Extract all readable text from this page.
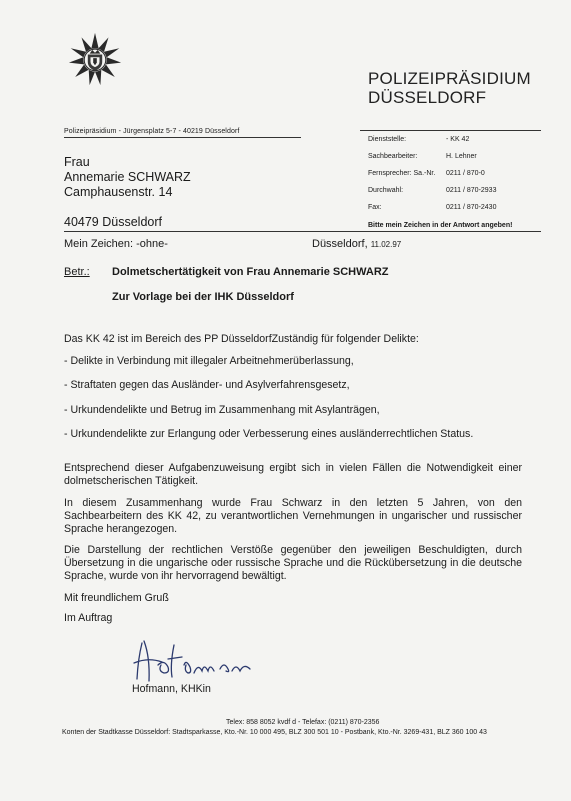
POLIZEIPRÄSIDIUM
DÜSSELDORF
Polizeipräsidium - Jürgensplatz 5-7 - 40219 Düsseldorf
Dienststelle:	- KK 42
Sachbearbeiter:	H. Lehner
Fernsprecher: Sa.-Nr. 0211 / 870-0
Durchwahl:	0211 / 870-2933
Fax:	0211 / 870-2430
Bitte mein Zeichen in der Antwort angeben!
Frau
Annemarie SCHWARZ
Camphausenstr. 14
40479 Düsseldorf
Mein Zeichen: -ohne-	Düsseldorf, 11.02.97
Betr.: Dolmetschertätigkeit von Frau Annemarie SCHWARZ
Zur Vorlage bei der IHK Düsseldorf
Das KK 42 ist im Bereich des PP DüsseldorfZuständig für folgender Delikte:
- Delikte in Verbindung mit illegaler Arbeitnehmerüberlassung,
- Straftaten gegen das Ausländer- und Asylverfahrensgesetz,
- Urkundendelikte und Betrug im Zusammenhang mit Asylanträgen,
- Urkundendelikte zur Erlangung oder Verbesserung eines ausländerrechtlichen Status.
Entsprechend dieser Aufgabenzuweisung ergibt sich in vielen Fällen die Notwendigkeit einer dolmetscherischen Tätigkeit.
In diesem Zusammenhang wurde Frau Schwarz in den letzten 5 Jahren, von den Sachbearbeitern des KK 42, zu verantwortlichen Vernehmungen in ungarischer und russischer Sprache herangezogen.
Die Darstellung der rechtlichen Verstöße gegenüber den jeweiligen Beschuldigten, durch Übersetzung in die ungarische oder russische Sprache und die Rückübersetzung in die deutsche Sprache, wurde von ihr hervorragend bewältigt.
Mit freundlichem Gruß
Im Auftrag
Hofmann, KHKin
Telex: 858 8052 kvdf d - Telefax: (0211) 870-2356
Konten der Stadtkasse Düsseldorf: Stadtsparkasse, Kto.-Nr. 10 000 495, BLZ 300 501 10 - Postbank, Kto.-Nr. 3269-431, BLZ 360 100 43
